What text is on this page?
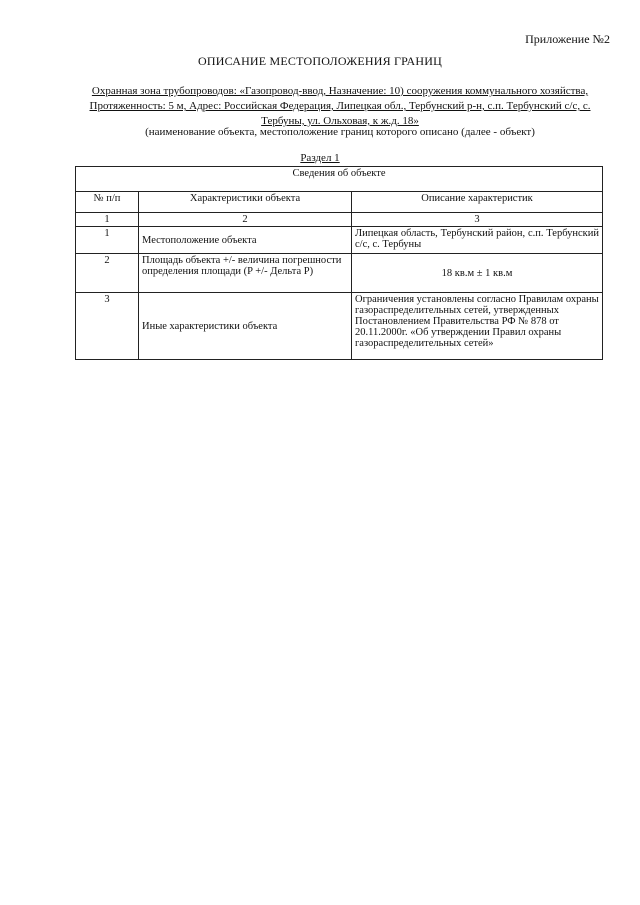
Приложение №2
ОПИСАНИЕ МЕСТОПОЛОЖЕНИЯ ГРАНИЦ
Охранная зона трубопроводов: «Газопровод-ввод, Назначение: 10) сооружения коммунального хозяйства, Протяженность: 5 м, Адрес: Российская Федерация, Липецкая обл., Тербунский р-н, с.п. Тербунский с/с, с. Тербуны, ул. Ольховая, к ж.д. 18»
(наименование объекта, местоположение границ которого описано (далее - объект)
Раздел 1
Сведения об объекте		
№ п/п	Характеристики объекта	Описание характеристик
1	2	3
1	Местоположение объекта	Липецкая область, Тербунский район, с.п. Тербунский с/с, с. Тербуны
2	Площадь объекта +/- величина погрешности определения площади (P +/- Дельта P)	18 кв.м ± 1 кв.м
3	Иные характеристики объекта	Ограничения установлены согласно Правилам охраны газораспределительных сетей, утвержденных Постановлением Правительства РФ № 878 от 20.11.2000г. «Об утверждении Правил охраны газораспределительных сетей»
